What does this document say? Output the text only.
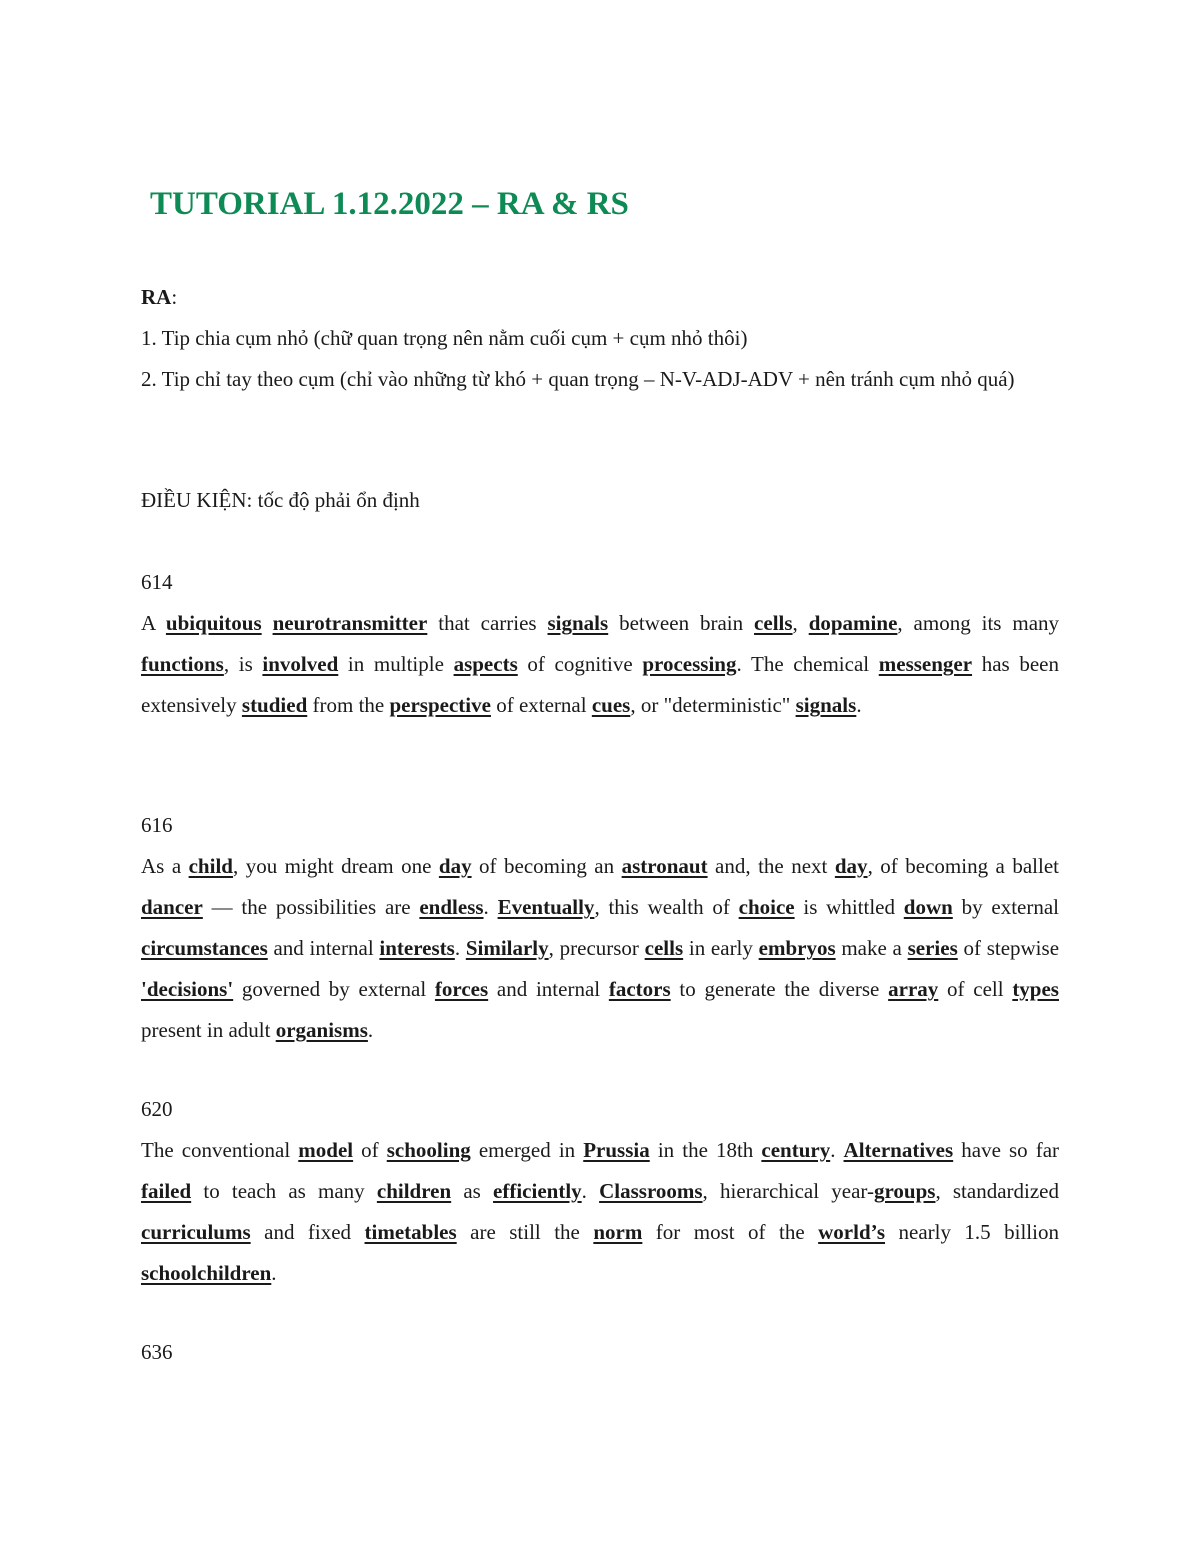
TUTORIAL 1.12.2022 – RA & RS
RA:
1. Tip chia cụm nhỏ (chữ quan trọng nên nằm cuối cụm + cụm nhỏ thôi)
2. Tip chỉ tay theo cụm (chỉ vào những từ khó + quan trọng – N-V-ADJ-ADV + nên tránh cụm nhỏ quá)
ĐIỀU KIỆN: tốc độ phải ổn định
614
A ubiquitous neurotransmitter that carries signals between brain cells, dopamine, among its many functions, is involved in multiple aspects of cognitive processing. The chemical messenger has been extensively studied from the perspective of external cues, or "deterministic" signals.
616
As a child, you might dream one day of becoming an astronaut and, the next day, of becoming a ballet dancer — the possibilities are endless. Eventually, this wealth of choice is whittled down by external circumstances and internal interests. Similarly, precursor cells in early embryos make a series of stepwise 'decisions' governed by external forces and internal factors to generate the diverse array of cell types present in adult organisms.
620
The conventional model of schooling emerged in Prussia in the 18th century. Alternatives have so far failed to teach as many children as efficiently. Classrooms, hierarchical year-groups, standardized curriculums and fixed timetables are still the norm for most of the world’s nearly 1.5 billion schoolchildren.
636
